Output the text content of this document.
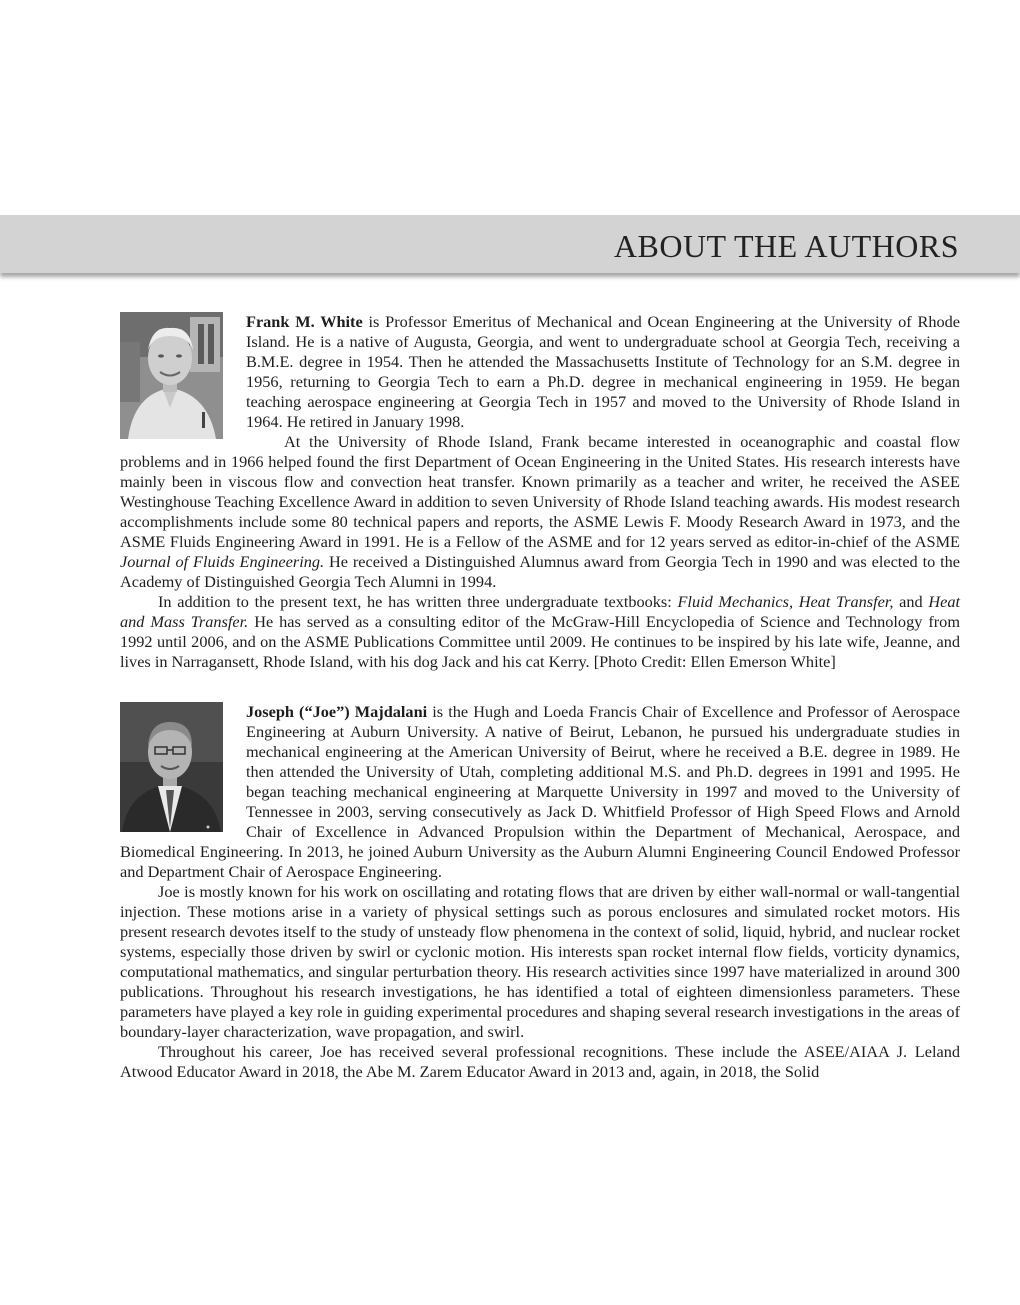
ABOUT THE AUTHORS

Frank M. White is Professor Emeritus of Mechanical and Ocean Engineering at the University of Rhode Island. He is a native of Augusta, Georgia, and went to undergraduate school at Georgia Tech, receiving a B.M.E. degree in 1954. Then he attended the Massachusetts Institute of Technology for an S.M. degree in 1956, returning to Georgia Tech to earn a Ph.D. degree in mechanical engineering in 1959. He began teaching aerospace engineering at Georgia Tech in 1957 and moved to the University of Rhode Island in 1964. He retired in January 1998.

At the University of Rhode Island, Frank became interested in oceanographic and coastal flow problems and in 1966 helped found the first Department of Ocean Engineering in the United States. His research interests have mainly been in viscous flow and convection heat transfer. Known primarily as a teacher and writer, he received the ASEE Westinghouse Teaching Excellence Award in addition to seven University of Rhode Island teaching awards. His modest research accomplishments include some 80 technical papers and reports, the ASME Lewis F. Moody Research Award in 1973, and the ASME Fluids Engineering Award in 1991. He is a Fellow of the ASME and for 12 years served as editor-in-chief of the ASME Journal of Fluids Engineering. He received a Distinguished Alumnus award from Georgia Tech in 1990 and was elected to the Academy of Distinguished Georgia Tech Alumni in 1994.

In addition to the present text, he has written three undergraduate textbooks: Fluid Mechanics, Heat Transfer, and Heat and Mass Transfer. He has served as a consulting editor of the McGraw-Hill Encyclopedia of Science and Technology from 1992 until 2006, and on the ASME Publications Committee until 2009. He continues to be inspired by his late wife, Jeanne, and lives in Narragansett, Rhode Island, with his dog Jack and his cat Kerry. [Photo Credit: Ellen Emerson White]

Joseph (“Joe”) Majdalani is the Hugh and Loeda Francis Chair of Excellence and Professor of Aerospace Engineering at Auburn University. A native of Beirut, Lebanon, he pursued his undergraduate studies in mechanical engineering at the American University of Beirut, where he received a B.E. degree in 1989. He then attended the University of Utah, completing additional M.S. and Ph.D. degrees in 1991 and 1995. He began teaching mechanical engineering at Marquette University in 1997 and moved to the University of Tennessee in 2003, serving consecutively as Jack D. Whitfield Professor of High Speed Flows and Arnold Chair of Excellence in Advanced Propulsion within the Department of Mechanical, Aerospace, and Biomedical Engineering. In 2013, he joined Auburn University as the Auburn Alumni Engineering Council Endowed Professor and Department Chair of Aerospace Engineering.

Joe is mostly known for his work on oscillating and rotating flows that are driven by either wall-normal or wall-tangential injection. These motions arise in a variety of physical settings such as porous enclosures and simulated rocket motors. His present research devotes itself to the study of unsteady flow phenomena in the context of solid, liquid, hybrid, and nuclear rocket systems, especially those driven by swirl or cyclonic motion. His interests span rocket internal flow fields, vorticity dynamics, computational mathematics, and singular perturbation theory. His research activities since 1997 have materialized in around 300 publications. Throughout his research investigations, he has identified a total of eighteen dimensionless parameters. These parameters have played a key role in guiding experimental procedures and shaping several research investigations in the areas of boundary-layer characterization, wave propagation, and swirl.

Throughout his career, Joe has received several professional recognitions. These include the ASEE/AIAA J. Leland Atwood Educator Award in 2018, the Abe M. Zarem Educator Award in 2013 and, again, in 2018, the Solid
